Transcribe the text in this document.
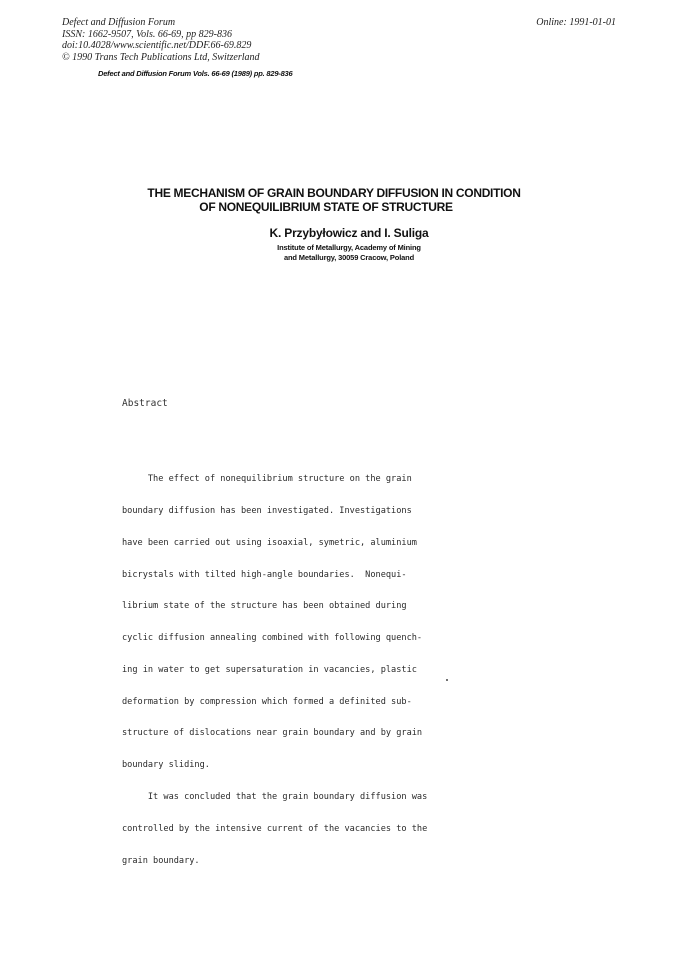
Defect and Diffusion Forum
ISSN: 1662-9507, Vols. 66-69, pp 829-836
doi:10.4028/www.scientific.net/DDF.66-69.829
© 1990 Trans Tech Publications Ltd, Switzerland
Online: 1991-01-01
Defect and Diffusion Forum Vols. 66-69 (1989) pp. 829-836
THE MECHANISM OF GRAIN BOUNDARY DIFFUSION IN CONDITION
OF NONEQUILIBRIUM STATE OF STRUCTURE
K. Przybyłowicz and I. Suliga
Institute of Metallurgy, Academy of Mining
and Metallurgy, 30059 Cracow, Poland
Abstract

The effect of nonequilibrium structure on the grain

boundary diffusion has been investigated. Investigations

have been carried out using isoaxial, symetric, aluminium

bicrystals with tilted high-angle boundaries.  Nonequi-

librium state of the structure has been obtained during

cyclic diffusion annealing combined with following quench-

ing in water to get supersaturation in vacancies, plastic

deformation by compression which formed a definited sub-

structure of dislocations near grain boundary and by grain

boundary sliding.

It was concluded that the grain boundary diffusion was

controlled by the intensive current of the vacancies to the

grain boundary.
